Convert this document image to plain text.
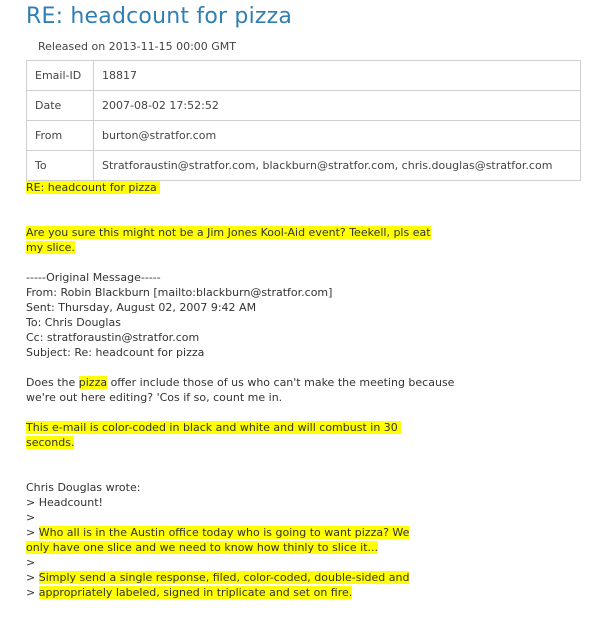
RE: headcount for pizza
Released on 2013-11-15 00:00 GMT
Email-ID	18817
Date	2007-08-02 17:52:52
From	burton@stratfor.com
To	Stratforaustin@stratfor.com, blackburn@stratfor.com, chris.douglas@stratfor.com
RE: headcount for pizza

Are you sure this might not be a Jim Jones Kool-Aid event? Teekell, pls eat
my slice.

-----Original Message-----
From: Robin Blackburn [mailto:blackburn@stratfor.com]
Sent: Thursday, August 02, 2007 9:42 AM
To: Chris Douglas
Cc: stratforaustin@stratfor.com
Subject: Re: headcount for pizza

Does the pizza offer include those of us who can't make the meeting because
we're out here editing? 'Cos if so, count me in.

This e-mail is color-coded in black and white and will combust in 30
seconds.

Chris Douglas wrote:
> Headcount!
>
> Who all is in the Austin office today who is going to want pizza? We
only have one slice and we need to know how thinly to slice it...
>
> Simply send a single response, filed, color-coded, double-sided and
> appropriately labeled, signed in triplicate and set on fire.
